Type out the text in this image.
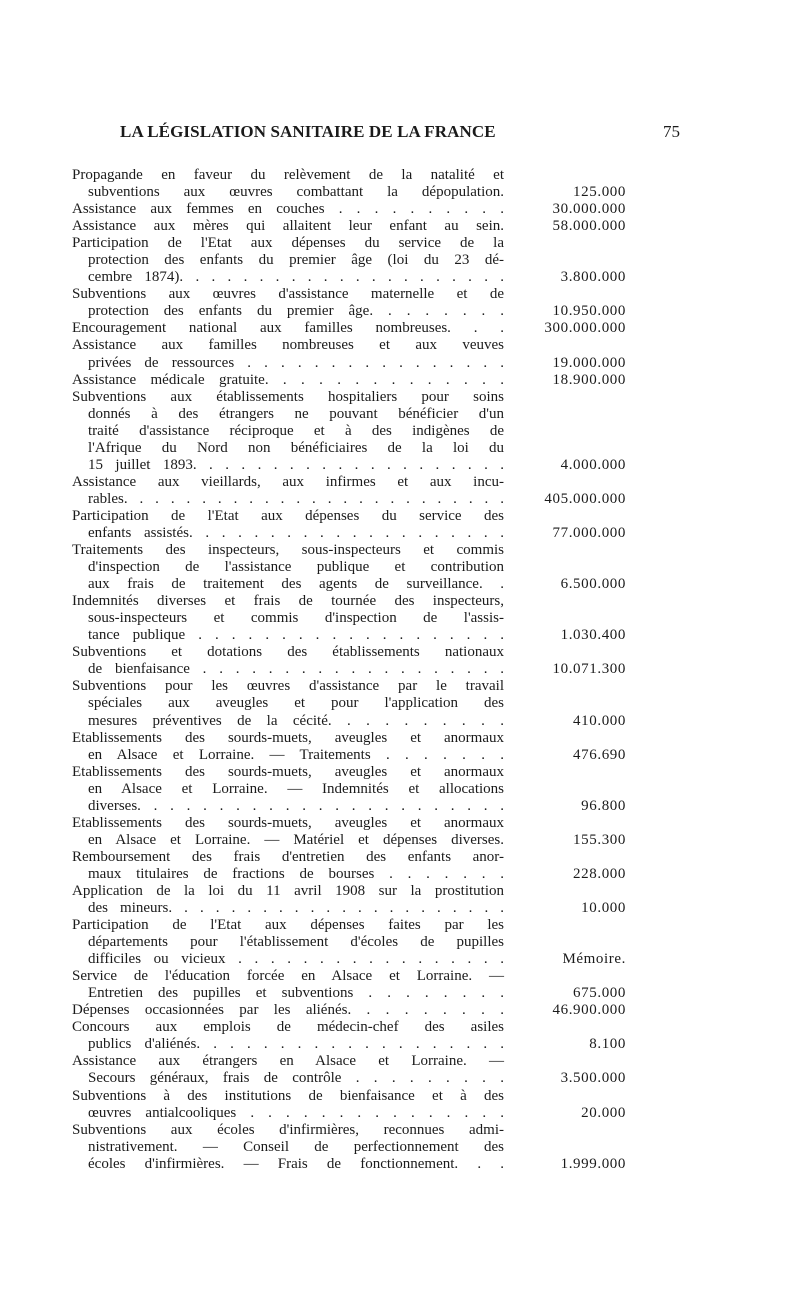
LA LÉGISLATION SANITAIRE DE LA FRANCE	75
Propagande en faveur du relèvement de la natalité et
subventions aux œuvres combattant la dépopulation.	125.000
Assistance aux femmes en couches . . . . . . . . . .	30.000.000
Assistance aux mères qui allaitent leur enfant au sein.	58.000.000
Participation de l'Etat aux dépenses du service de la
protection des enfants du premier âge (loi du 23 dé-
cembre 1874). . . . . . . . . . . . . . . . . . . . .	3.800.000
Subventions aux œuvres d'assistance maternelle et de
protection des enfants du premier âge. . . . . . . .	10.950.000
Encouragement national aux familles nombreuses. . .	300.000.000
Assistance aux familles nombreuses et aux veuves
privées de ressources . . . . . . . . . . . . . . . .	19.000.000
Assistance médicale gratuite. . . . . . . . . . . . . .	18.900.000
Subventions aux établissements hospitaliers pour soins
donnés à des étrangers ne pouvant bénéficier d'un
traité d'assistance réciproque et à des indigènes de
l'Afrique du Nord non bénéficiaires de la loi du
15 juillet 1893. . . . . . . . . . . . . . . . . . . .	4.000.000
Assistance aux vieillards, aux infirmes et aux incu-
rables. . . . . . . . . . . . . . . . . . . . . . . . .	405.000.000
Participation de l'Etat aux dépenses du service des
enfants assistés. . . . . . . . . . . . . . . . . . . .	77.000.000
Traitements des inspecteurs, sous-inspecteurs et commis
d'inspection de l'assistance publique et contribution
aux frais de traitement des agents de surveillance. .	6.500.000
Indemnités diverses et frais de tournée des inspecteurs,
sous-inspecteurs et commis d'inspection de l'assis-
tance publique . . . . . . . . . . . . . . . . . . .	1.030.400
Subventions et dotations des établissements nationaux
de bienfaisance . . . . . . . . . . . . . . . . . . .	10.071.300
Subventions pour les œuvres d'assistance par le travail
spéciales aux aveugles et pour l'application des
mesures préventives de la cécité. . . . . . . . . .	410.000
Etablissements des sourds-muets, aveugles et anormaux
en Alsace et Lorraine. — Traitements . . . . . . .	476.690
Etablissements des sourds-muets, aveugles et anormaux
en Alsace et Lorraine. — Indemnités et allocations
diverses. . . . . . . . . . . . . . . . . . . . . . .	96.800
Etablissements des sourds-muets, aveugles et anormaux
en Alsace et Lorraine. — Matériel et dépenses diverses.	155.300
Remboursement des frais d'entretien des enfants anor-
maux titulaires de fractions de bourses . . . . . . .	228.000
Application de la loi du 11 avril 1908 sur la prostitution
des mineurs. . . . . . . . . . . . . . . . . . . . . .	10.000
Participation de l'Etat aux dépenses faites par les
départements pour l'établissement d'écoles de pupilles
difficiles ou vicieux . . . . . . . . . . . . . . . . .	Mémoire.
Service de l'éducation forcée en Alsace et Lorraine. —
Entretien des pupilles et subventions . . . . . . . .	675.000
Dépenses occasionnées par les aliénés. . . . . . . . .	46.900.000
Concours aux emplois de médecin-chef des asiles
publics d'aliénés. . . . . . . . . . . . . . . . . . .	8.100
Assistance aux étrangers en Alsace et Lorraine. —
Secours généraux, frais de contrôle . . . . . . . . .	3.500.000
Subventions à des institutions de bienfaisance et à des
œuvres antialcooliques . . . . . . . . . . . . . . .	20.000
Subventions aux écoles d'infirmières, reconnues admi-
nistrativement. — Conseil de perfectionnement des
écoles d'infirmières. — Frais de fonctionnement. . .	1.999.000
